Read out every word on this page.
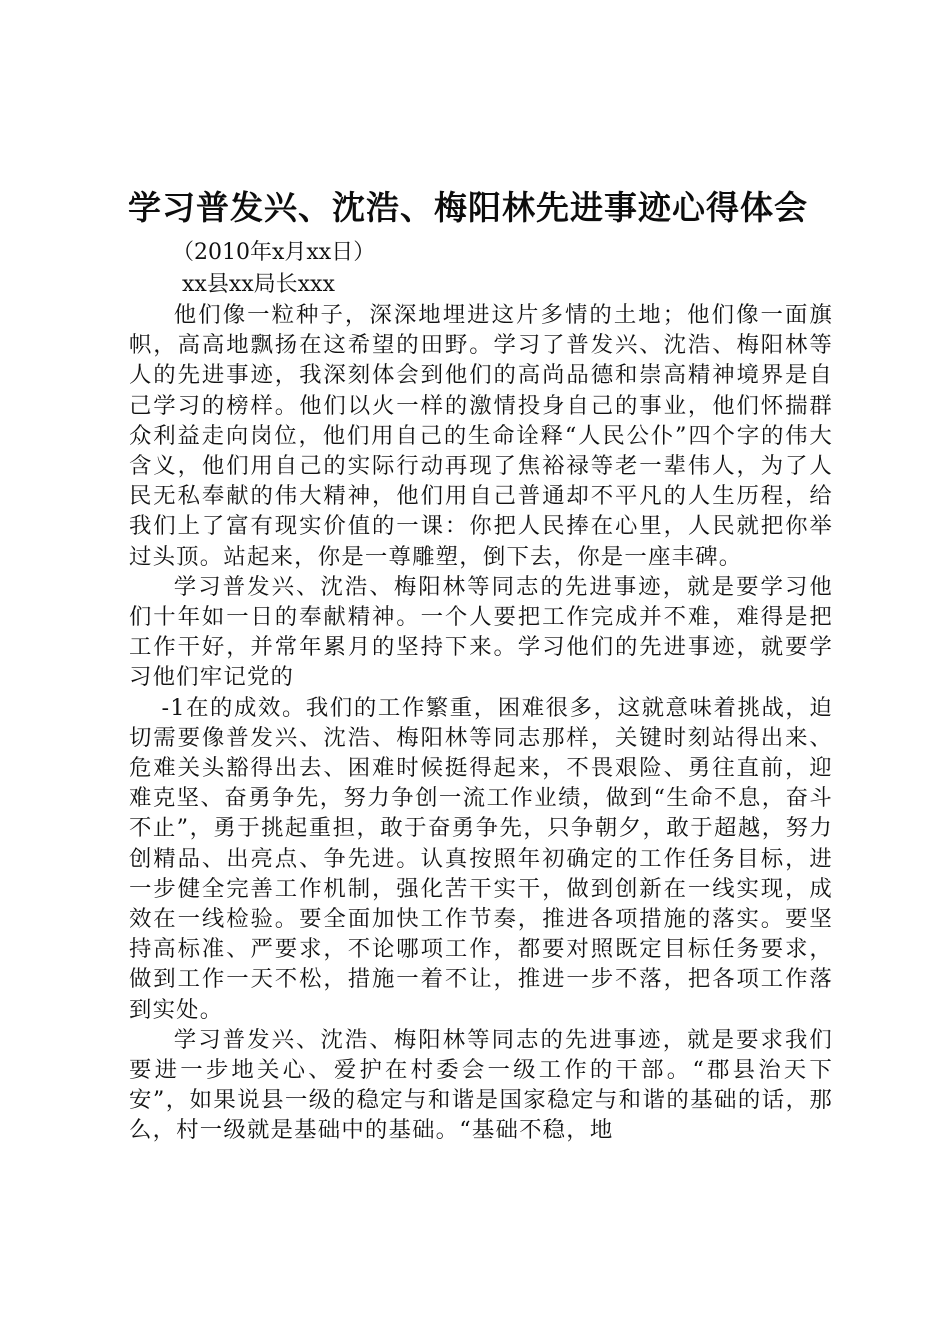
学习普发兴、沈浩、梅阳林先进事迹心得体会

（2010年x月xx日）

xx县xx局长xxx

他们像一粒种子，深深地埋进这片多情的土地；他们像一面旗帜，高高地飘扬在这希望的田野。学习了普发兴、沈浩、梅阳林等人的先进事迹，我深刻体会到他们的高尚品德和崇高精神境界是自己学习的榜样。他们以火一样的激情投身自己的事业，他们怀揣群众利益走向岗位，他们用自己的生命诠释“人民公仆”四个字的伟大含义，他们用自己的实际行动再现了焦裕禄等老一辈伟人，为了人民无私奉献的伟大精神，他们用自己普通却不平凡的人生历程，给我们上了富有现实价值的一课：你把人民捧在心里，人民就把你举过头顶。站起来，你是一尊雕塑，倒下去，你是一座丰碑。

学习普发兴、沈浩、梅阳林等同志的先进事迹，就是要学习他们十年如一日的奉献精神。一个人要把工作完成并不难，难得是把工作干好，并常年累月的坚持下来。学习他们的先进事迹，就要学习他们牢记党的

-1在的成效。我们的工作繁重，困难很多，这就意味着挑战，迫切需要像普发兴、沈浩、梅阳林等同志那样，关键时刻站得出来、危难关头豁得出去、困难时候挺得起来，不畏艰险、勇往直前，迎难克坚、奋勇争先，努力争创一流工作业绩，做到“生命不息，奋斗不止”，勇于挑起重担，敢于奋勇争先，只争朝夕，敢于超越，努力创精品、出亮点、争先进。认真按照年初确定的工作任务目标，进一步健全完善工作机制，强化苦干实干，做到创新在一线实现，成效在一线检验。要全面加快工作节奏，推进各项措施的落实。要坚持高标准、严要求，不论哪项工作，都要对照既定目标任务要求，做到工作一天不松，措施一着不让，推进一步不落，把各项工作落到实处。

学习普发兴、沈浩、梅阳林等同志的先进事迹，就是要求我们要进一步地关心、爱护在村委会一级工作的干部。“郡县治天下安”，如果说县一级的稳定与和谐是国家稳定与和谐的基础的话，那么，村一级就是基础中的基础。“基础不稳，地
